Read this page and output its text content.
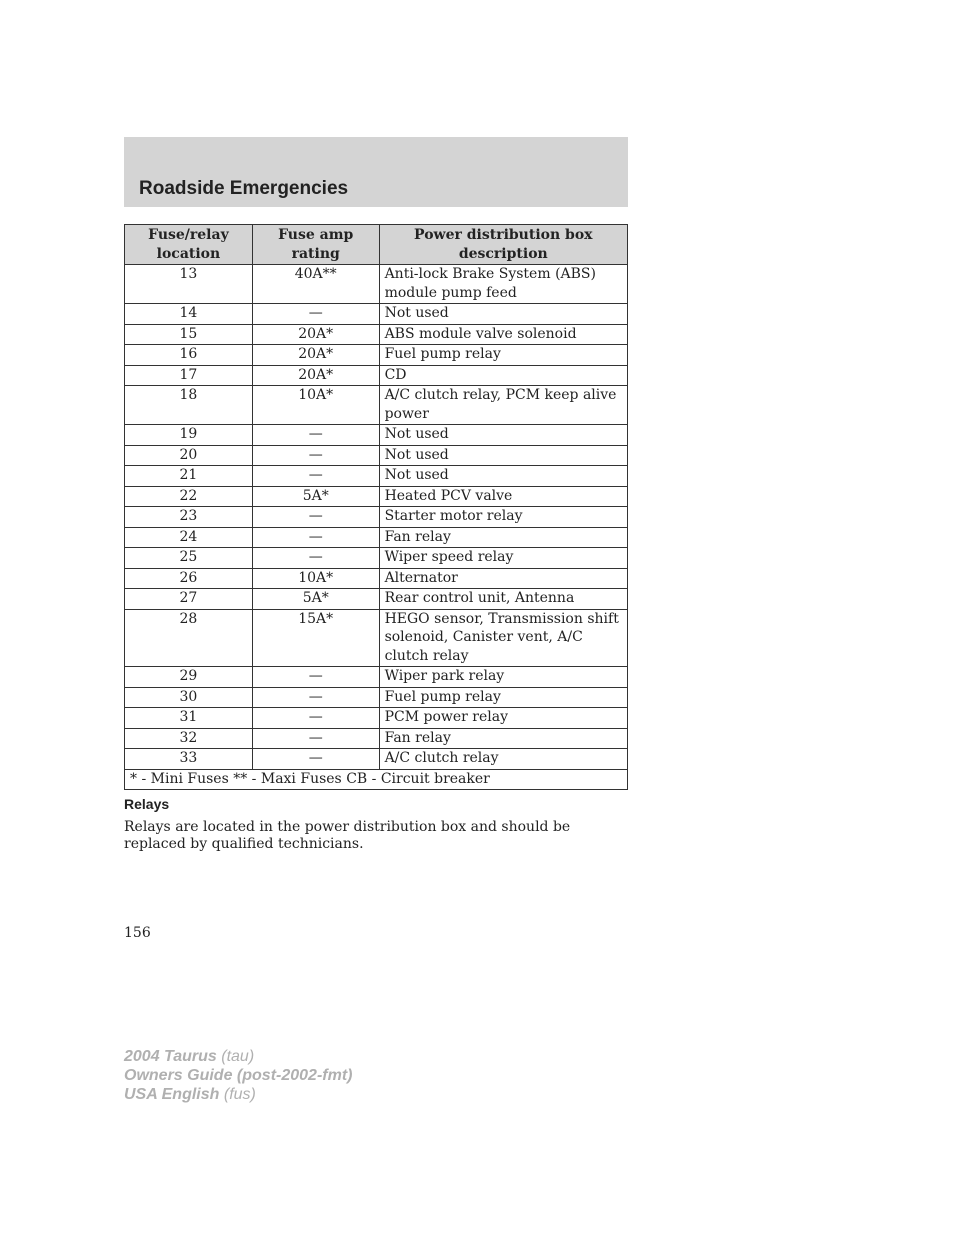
Roadside Emergencies
Fuse/relay location	Fuse amp rating	Power distribution box description
13	40A**	Anti-lock Brake System (ABS) module pump feed
14	—	Not used
15	20A*	ABS module valve solenoid
16	20A*	Fuel pump relay
17	20A*	CD
18	10A*	A/C clutch relay, PCM keep alive power
19	—	Not used
20	—	Not used
21	—	Not used
22	5A*	Heated PCV valve
23	—	Starter motor relay
24	—	Fan relay
25	—	Wiper speed relay
26	10A*	Alternator
27	5A*	Rear control unit, Antenna
28	15A*	HEGO sensor, Transmission shift solenoid, Canister vent, A/C clutch relay
29	—	Wiper park relay
30	—	Fuel pump relay
31	—	PCM power relay
32	—	Fan relay
33	—	A/C clutch relay
* - Mini Fuses ** - Maxi Fuses CB - Circuit breaker		
Relays

Relays are located in the power distribution box and should be replaced by qualified technicians.

156
2004 Taurus (tau)
Owners Guide (post-2002-fmt)
USA English (fus)
